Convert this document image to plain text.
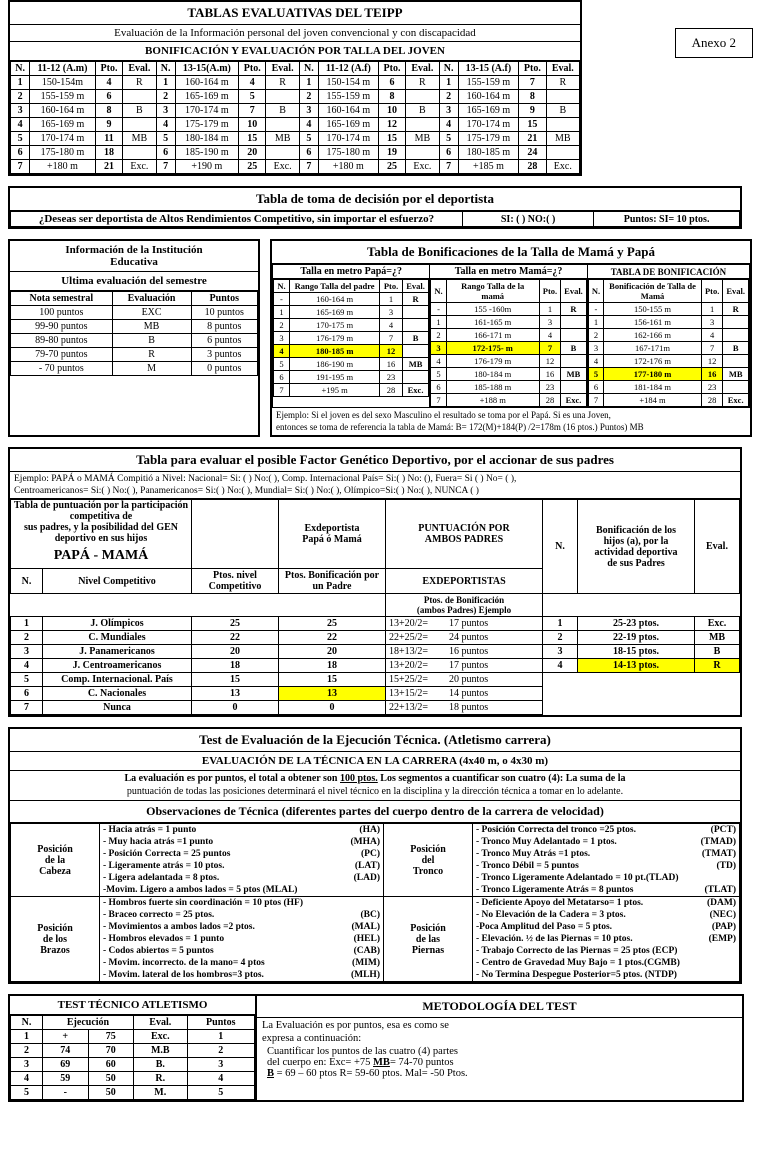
Anexo 2
TABLAS EVALUATIVAS DEL TEIPP
Evaluación de la Información personal del joven convencional y con discapacidad
BONIFICACIÓN Y EVALUACIÓN POR TALLA DEL JOVEN
N.	11-12 (A.m)	Pto.	Eval.	N.	13-15(A.m)	Pto.	Eval.	N.	11-12 (A.f)	Pto.	Eval.	N.	13-15 (A.f)	Pto.	Eval.
1	150-154m	4	R	1	160-164 m	4	R	1	150-154 m	6	R	1	155-159 m	7	R
2	155-159 m	6		2	165-169 m	5		2	155-159 m	8		2	160-164 m	8	
3	160-164 m	8	B	3	170-174 m	7	B	3	160-164 m	10	B	3	165-169 m	9	B
4	165-169 m	9		4	175-179 m	10		4	165-169 m	12		4	170-174 m	15	
5	170-174 m	11	MB	5	180-184 m	15	MB	5	170-174 m	15	MB	5	175-179 m	21	MB
6	175-180 m	18		6	185-190 m	20		6	175-180 m	19		6	180-185 m	24	
7	+180 m	21	Exc.	7	+190 m	25	Exc.	7	+180 m	25	Exc.	7	+185 m	28	Exc.
Tabla de toma de decisión por el deportista
¿Deseas ser deportista de Altos Rendimientos Competitivo, sin importar el esfuerzo?	SI: ( ) NO:( )	Puntos: SI= 10 ptos.
Información de la Institución
Educativa
Ultima evaluación del semestre
Nota semestral	Evaluación	Puntos
100 puntos	EXC	10 puntos
99-90 puntos	MB	8 puntos
89-80 puntos	B	6 puntos
79-70 puntos	R	3 puntos
- 70 puntos	M	0 puntos
Tabla de Bonificaciones de la Talla de Mamá y Papá
Talla en metro Papá=¿?	Talla en metro Mamá=¿?	TABLA DE BONIFICACIÓN

N.	Rango Talla del padre	Pto.	Eval.
-	160-164 m	1	R
1	165-169 m	3	
2	170-175 m	4	
3	176-179 m	7	B
4	180-185 m	12	
5	186-190 m	16	MB
6	191-195 m	23	
7	+195 m	28	Exc.

N.	Rango Talla de la mamá	Pto.	Eval.
-	155 -160m	1	R
1	161-165 m	3	
2	166-171 m	4	
3	172-175- m	7	B
4	176-179 m	12	
5	180-184 m	16	MB
6	185-188 m	23	
7	+188 m	28	Exc.

N.	Bonificación de Talla de Mamá	Pto.	Eval.
-	150-155 m	1	R
1	156-161 m	3	
2	162-166 m	4	
3	167-171m	7	B
4	172-176 m	12	
5	177-180 m	16	MB
6	181-184 m	23	
7	+184 m	28	Exc.
Ejemplo: Si el joven es del sexo Masculino el resultado se toma por el Papá. Si es una Joven,
entonces se toma de referencia la tabla de Mamá: B= 172(M)+184(P) /2=178m (16 ptos.) Puntos) MB
Tabla para evaluar el posible Factor Genético Deportivo, por el accionar de sus padres
Ejemplo: PAPÁ o MAMÁ Compitió a Nivel: Nacional= Si: ( ) No:( ), Comp. Internacional País= Si:( ) No: (), Fuera= Si ( ) No= ( ),
Centroamericanos= Si:( ) No:( ), Panamericanos= Si:( ) No:( ), Mundial= Si:( ) No:( ), Olímpico=Si:( ) No:( ), NUNCA ( )
Tabla de puntuación por la participación competitiva de
sus padres, y la posibilidad del GEN deportivo en sus hijos
PAPÁ - MAMÁ

Exdeportista
Papá ó Mamá

PUNTUACIÓN POR
AMBOS PADRES
	N.	
Bonificación de los
hijos (a), por la
actividad deportiva
de sus Padres
	Eval.
N.	Nivel Competitivo	Ptos. nivel Competitivo	Ptos. Bonificación por un Padre	EXDEPORTISTAS			

				Ptos. de Bonificación
(ambos Padres) Ejemplo			

1	J. Olímpicos	25	25	13+20/2= 17 puntos	1	25-23 ptos.	Exc.
2	C. Mundiales	22	22	22+25/2= 24 puntos	2	22-19 ptos.	MB
3	J. Panamericanos	20	20	18+13/2= 16 puntos	3	18-15 ptos.	B
4	J. Centroamericanos	18	18	13+20/2= 17 puntos	4	14-13 ptos.	R
5	Comp. Internacional. País	15	15	15+25/2= 20 puntos			
6	C. Nacionales	13	13	13+15/2= 14 puntos			
7	Nunca	0	0	22+13/2= 18 puntos			
Test de Evaluación de la Ejecución Técnica. (Atletismo carrera)
EVALUACIÓN DE LA TÉCNICA EN LA CARRERA (4x40 m, o 4x30 m)
La evaluación es por puntos, el total a obtener son 100 ptos. Los segmentos a cuantificar son cuatro (4): La suma de la
puntuación de todas las posiciones determinará el nivel técnico en la disciplina y la dirección técnica a tomar en lo adelante.
Observaciones de Técnica (diferentes partes del cuerpo dentro de la carrera de velocidad)
Posición
de la
Cabeza

- Hacia atrás = 1 punto	(HA)
- Muy hacia atrás =1 punto	(MHA)
- Posición Correcta = 25 puntos	(PC)
- Ligeramente atrás = 10 ptos.	(LAT)
- Ligera adelantada = 8 ptos.	(LAD)
-Movim. Ligero a ambos lados = 5 ptos (MLAL)	

Posición
del
Tronco

- Posición Correcta del tronco =25 ptos.	(PCT)
- Tronco Muy Adelantado = 1 ptos.	(TMAD)
- Tronco Muy Atrás =1 ptos.	(TMAT)
- Tronco Débil = 5 puntos	(TD)
- Tronco Ligeramente Adelantado = 10 pt.(TLAD)	
- Tronco Ligeramente Atrás = 8 puntos	(TLAT)

Posición
de los
Brazos

- Hombros fuerte sin coordinación = 10 ptos (HF)	
- Braceo correcto = 25 ptos.	(BC)
- Movimientos a ambos lados =2 ptos.	(MAL)
- Hombros elevados = 1 punto	(HEL)
- Codos abiertos = 5 puntos	(CAB)
- Movim. incorrecto. de la mano= 4 ptos	(MIM)
- Movim. lateral de los hombros=3 ptos.	(MLH)

Posición
de las
Piernas

- Deficiente Apoyo del Metatarso= 1 ptos.	(DAM)
- No Elevación de la Cadera = 3 ptos.	(NEC)
-Poca Amplitud del Paso = 5 ptos.	(PAP)
- Elevación. ½ de las Piernas = 10 ptos.	(EMP)
- Trabajo Correcto de las Piernas = 25 ptos (ECP)	
- Centro de Gravedad Muy Bajo = 1 ptos.(CGMB)	
- No Termina Despegue Posterior=5 ptos. (NTDP)	
TEST TÉCNICO ATLETISMO
N.	Ejecución		Eval.	Puntos
1	+	75	Exc.	1
2	74	70	M.B	2
3	69	60	B.	3
4	59	50	R.	4
5	-	50	M.	5
METODOLOGÍA DEL TEST
La Evaluación es por puntos, esa es como se
expresa a continuación:
Cuantificar los puntos de las cuatro (4) partes
del cuerpo en: Exc= +75 MB= 74-70 puntos
B = 69 – 60 ptos R= 59-60 ptos. Mal= -50 Ptos.
